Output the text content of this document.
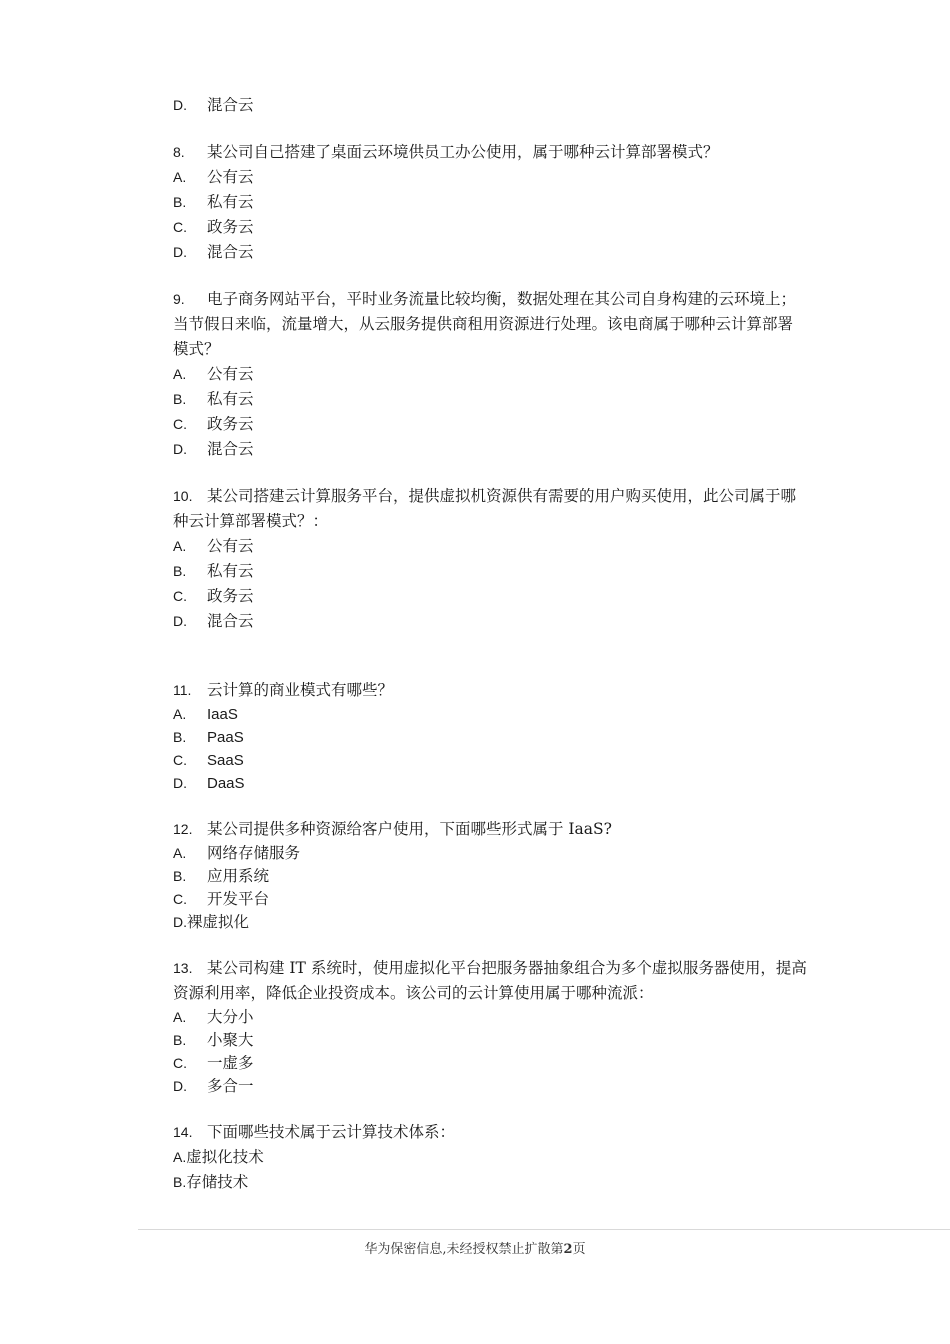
D. 混合云
8.	某公司自己搭建了桌面云环境供员工办公使用，属于哪种云计算部署模式？
A. 公有云
B. 私有云
C. 政务云
D. 混合云
9.	电子商务网站平台，平时业务流量比较均衡，数据处理在其公司自身构建的云环境上；当节假日来临，流量增大，从云服务提供商租用资源进行处理。该电商属于哪种云计算部署模式？
A. 公有云
B. 私有云
C. 政务云
D. 混合云
10. 某公司搭建云计算服务平台，提供虚拟机资源供有需要的用户购买使用，此公司属于哪种云计算部署模式？：
A. 公有云
B. 私有云
C. 政务云
D. 混合云
11.	云计算的商业模式有哪些？
A. IaaS
B. PaaS
C. SaaS
D. DaaS
12. 某公司提供多种资源给客户使用，下面哪些形式属于 IaaS?
A. 网络存储服务
B. 应用系统
C. 开发平台
D.裸虚拟化
13. 某公司构建 IT 系统时，使用虚拟化平台把服务器抽象组合为多个虚拟服务器使用，提高资源利用率，降低企业投资成本。该公司的云计算使用属于哪种流派：
A. 大分小
B. 小聚大
C. 一虚多
D. 多合一
14. 下面哪些技术属于云计算技术体系：
A.虚拟化技术
B.存储技术
华为保密信息,未经授权禁止扩散第2页
